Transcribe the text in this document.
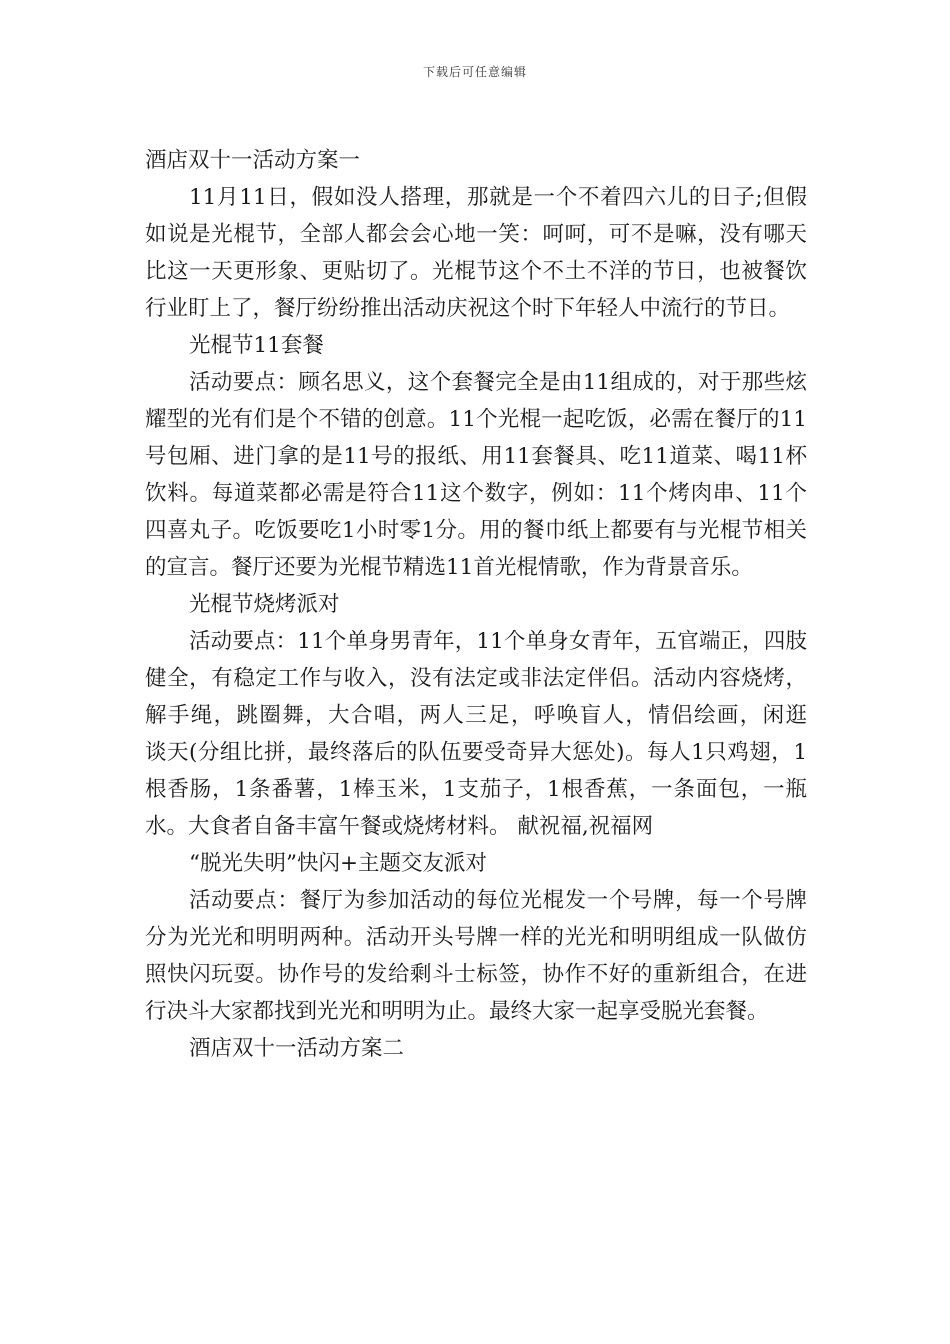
下载后可任意编辑

酒店双十一活动方案一

11月11日，假如没人搭理，那就是一个不着四六儿的日子;但假如说是光棍节，全部人都会会心地一笑：呵呵，可不是嘛，没有哪天比这一天更形象、更贴切了。光棍节这个不土不洋的节日，也被餐饮行业盯上了，餐厅纷纷推出活动庆祝这个时下年轻人中流行的节日。

光棍节11套餐

活动要点：顾名思义，这个套餐完全是由11组成的，对于那些炫耀型的光有们是个不错的创意。11个光棍一起吃饭，必需在餐厅的11号包厢、进门拿的是11号的报纸、用11套餐具、吃11道菜、喝11杯饮料。每道菜都必需是符合11这个数字，例如：11个烤肉串、11个四喜丸子。吃饭要吃1小时零1分。用的餐巾纸上都要有与光棍节相关的宣言。餐厅还要为光棍节精选11首光棍情歌，作为背景音乐。

光棍节烧烤派对

活动要点：11个单身男青年，11个单身女青年，五官端正，四肢健全，有稳定工作与收入，没有法定或非法定伴侣。活动内容烧烤，解手绳，跳圈舞，大合唱，两人三足，呼唤盲人，情侣绘画，闲逛　 谈天(分组比拼，最终落后的队伍要受奇异大惩处)。每人1只鸡翅，1根香肠，1条番薯，1棒玉米，1支茄子，1根香蕉，一条面包，一瓶水。大食者自备丰富午餐或烧烤材料。 献祝福,祝福网

“脱光失明”快闪+主题交友派对

活动要点：餐厅为参加活动的每位光棍发一个号牌，每一个号牌分为光光和明明两种。活动开头号牌一样的光光和明明组成一队做仿照快闪玩耍。协作号的发给剩斗士标签，协作不好的重新组合，在进行决斗大家都找到光光和明明为止。最终大家一起享受脱光套餐。

酒店双十一活动方案二
